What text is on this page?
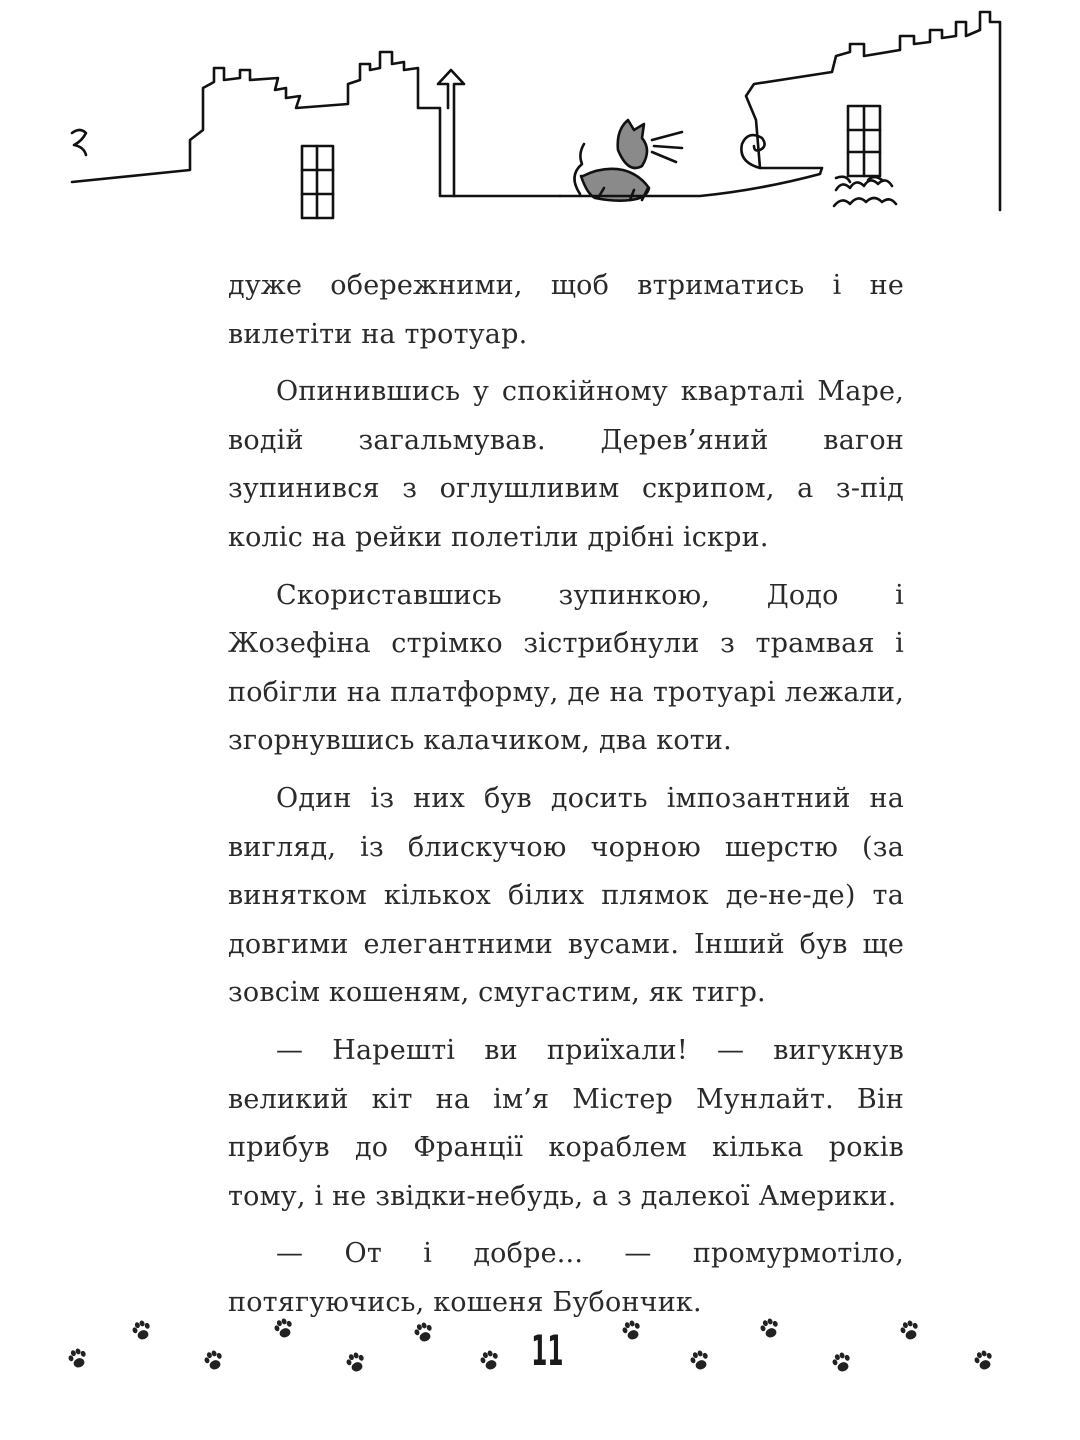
дуже обережними, щоб втриматись і не вилетіти на тротуар.

Опинившись у спокійному кварталі Маре, водій загальмував. Дерев’яний вагон зупинився з оглушливим скрипом, а з-під коліс на рейки полетіли дрібні іскри.

Скориставшись зупинкою, Додо і Жозефіна стрімко зістрибнули з трамвая і побігли на платформу, де на тротуарі лежали, згорнувшись калачиком, два коти.

Один із них був досить імпозантний на вигляд, із блискучою чорною шерстю (за винятком кількох білих плямок де-не-де) та довгими елегантними вусами. Інший був ще зовсім кошеням, смугастим, як тигр.

— Нарешті ви приїхали! — вигукнув великий кіт на ім’я Містер Мунлайт. Він прибув до Франції кораблем кілька років тому, і не звідки-небудь, а з далекої Америки.

— От і добре... — промурмотіло, потягуючись, кошеня Бубончик.

11
